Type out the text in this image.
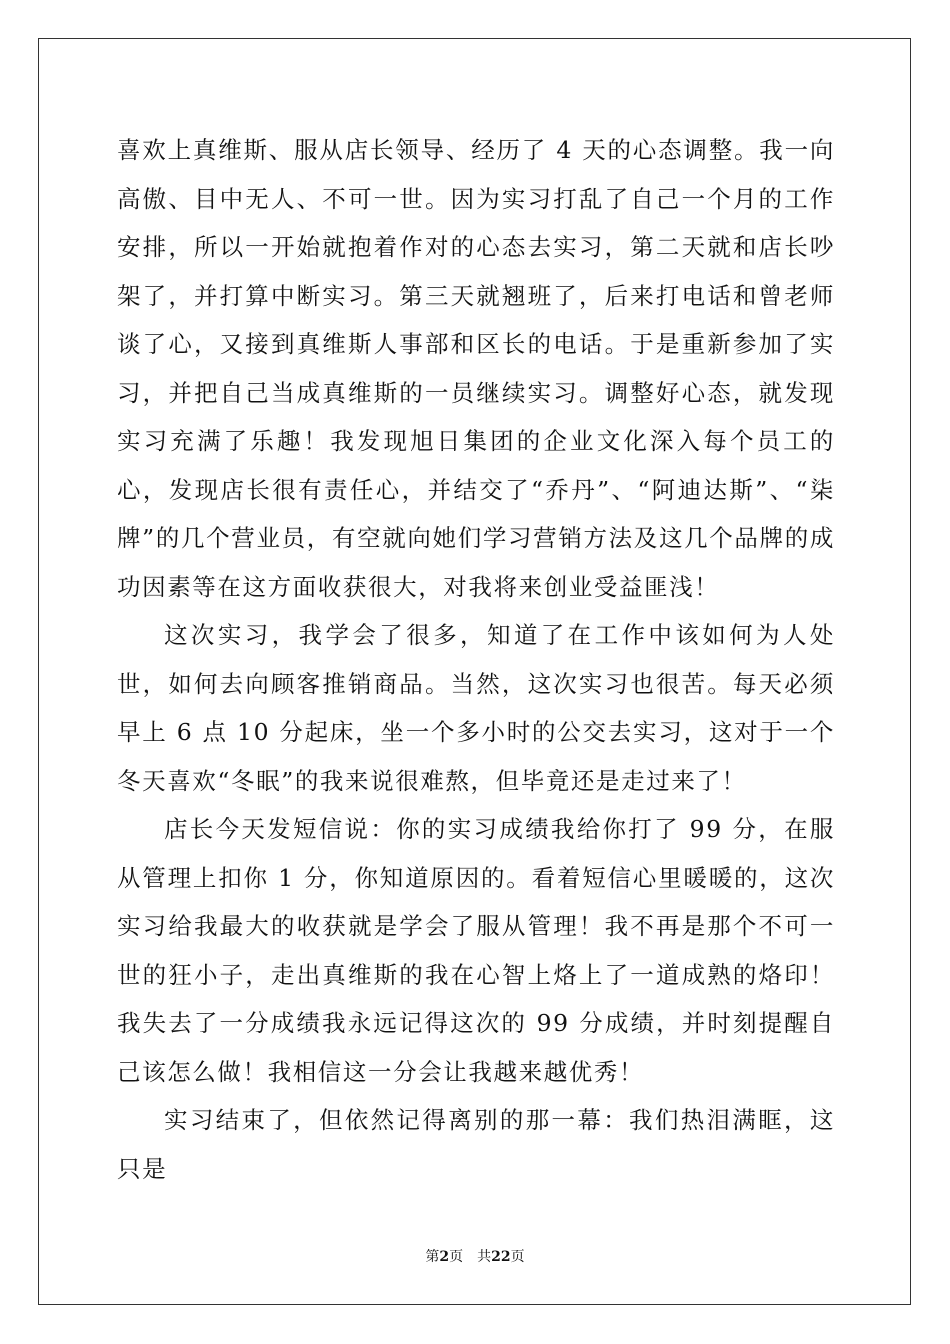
喜欢上真维斯、服从店长领导、经历了 4 天的心态调整。我一向高傲、目中无人、不可一世。因为实习打乱了自己一个月的工作安排，所以一开始就抱着作对的心态去实习，第二天就和店长吵架了，并打算中断实习。第三天就翘班了，后来打电话和曾老师谈了心，又接到真维斯人事部和区长的电话。于是重新参加了实习，并把自己当成真维斯的一员继续实习。调整好心态，就发现实习充满了乐趣！我发现旭日集团的企业文化深入每个员工的心，发现店长很有责任心，并结交了“乔丹”、“阿迪达斯”、“柒牌”的几个营业员，有空就向她们学习营销方法及这几个品牌的成功因素等在这方面收获很大，对我将来创业受益匪浅！

这次实习，我学会了很多，知道了在工作中该如何为人处世，如何去向顾客推销商品。当然，这次实习也很苦。每天必须早上 6 点 10 分起床，坐一个多小时的公交去实习，这对于一个冬天喜欢“冬眠”的我来说很难熬，但毕竟还是走过来了！

店长今天发短信说：你的实习成绩我给你打了 99 分，在服从管理上扣你 1 分，你知道原因的。看着短信心里暖暖的，这次实习给我最大的收获就是学会了服从管理！我不再是那个不可一世的狂小子，走出真维斯的我在心智上烙上了一道成熟的烙印！我失去了一分成绩我永远记得这次的 99 分成绩，并时刻提醒自己该怎么做！我相信这一分会让我越来越优秀！

实习结束了，但依然记得离别的那一幕：我们热泪满眶，这只是

第2页 共22页
